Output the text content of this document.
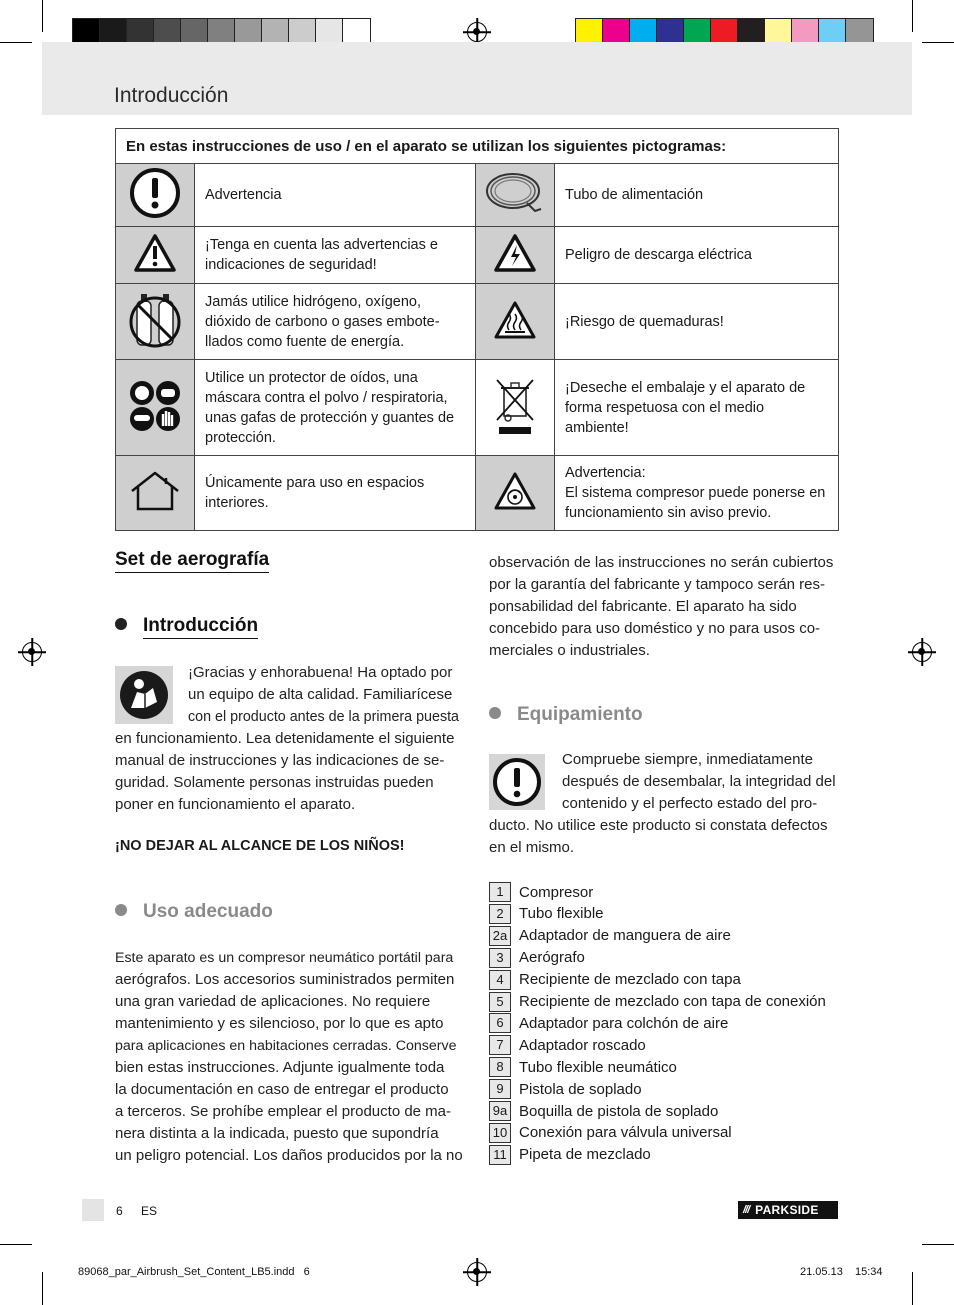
Introducción
En estas instrucciones de uso / en el aparato se utilizan los siguientes pictogramas:			
	Advertencia		Tubo de alimentación
	¡Tenga en cuenta las advertencias e indicaciones de seguridad!		Peligro de descarga eléctrica
	Jamás utilice hidrógeno, oxígeno, dióxido de carbono o gases embote-llados como fuente de energía.		¡Riesgo de quemaduras!
	Utilice un protector de oídos, una máscara contra el polvo / respiratoria, unas gafas de protección y guantes de protección.		¡Deseche el embalaje y el aparato de forma respetuosa con el medio ambiente!
	Únicamente para uso en espacios interiores.		Advertencia:
El sistema compresor puede ponerse en funcionamiento sin aviso previo.
Set de aerografía
Introducción
¡Gracias y enhorabuena! Ha optado por
un equipo de alta calidad. Familiarícese
con el producto antes de la primera puesta
en funcionamiento. Lea detenidamente el siguiente
manual de instrucciones y las indicaciones de se-
guridad. Solamente personas instruidas pueden
poner en funcionamiento el aparato.
¡NO DEJAR AL ALCANCE DE LOS NIÑOS!
Uso adecuado
Este aparato es un compresor neumático portátil para
aerógrafos. Los accesorios suministrados permiten
una gran variedad de aplicaciones. No requiere
mantenimiento y es silencioso, por lo que es apto
para aplicaciones en habitaciones cerradas. Conserve
bien estas instrucciones. Adjunte igualmente toda
la documentación en caso de entregar el producto
a terceros. Se prohíbe emplear el producto de ma-
nera distinta a la indicada, puesto que supondría
un peligro potencial. Los daños producidos por la no
observación de las instrucciones no serán cubiertos
por la garantía del fabricante y tampoco serán res-
ponsabilidad del fabricante. El aparato ha sido
concebido para uso doméstico y no para usos co-
merciales o industriales.
Equipamiento
Compruebe siempre, inmediatamente
después de desembalar, la integridad del
contenido y el perfecto estado del pro-
ducto. No utilice este producto si constata defectos
en el mismo.
1	Compresor
2	Tubo flexible
2a Adaptador de manguera de aire
3	Aerógrafo
4	Recipiente de mezclado con tapa
5	Recipiente de mezclado con tapa de conexión
6	Adaptador para colchón de aire
7	Adaptador roscado
8	Tubo flexible neumático
9	Pistola de soplado
9a Boquilla de pistola de soplado
10 Conexión para válvula universal
11 Pipeta de mezclado
6 ES	/// PARKSIDE
89068_par_Airbrush_Set_Content_LB5.indd   6	21.05.13 15:34
